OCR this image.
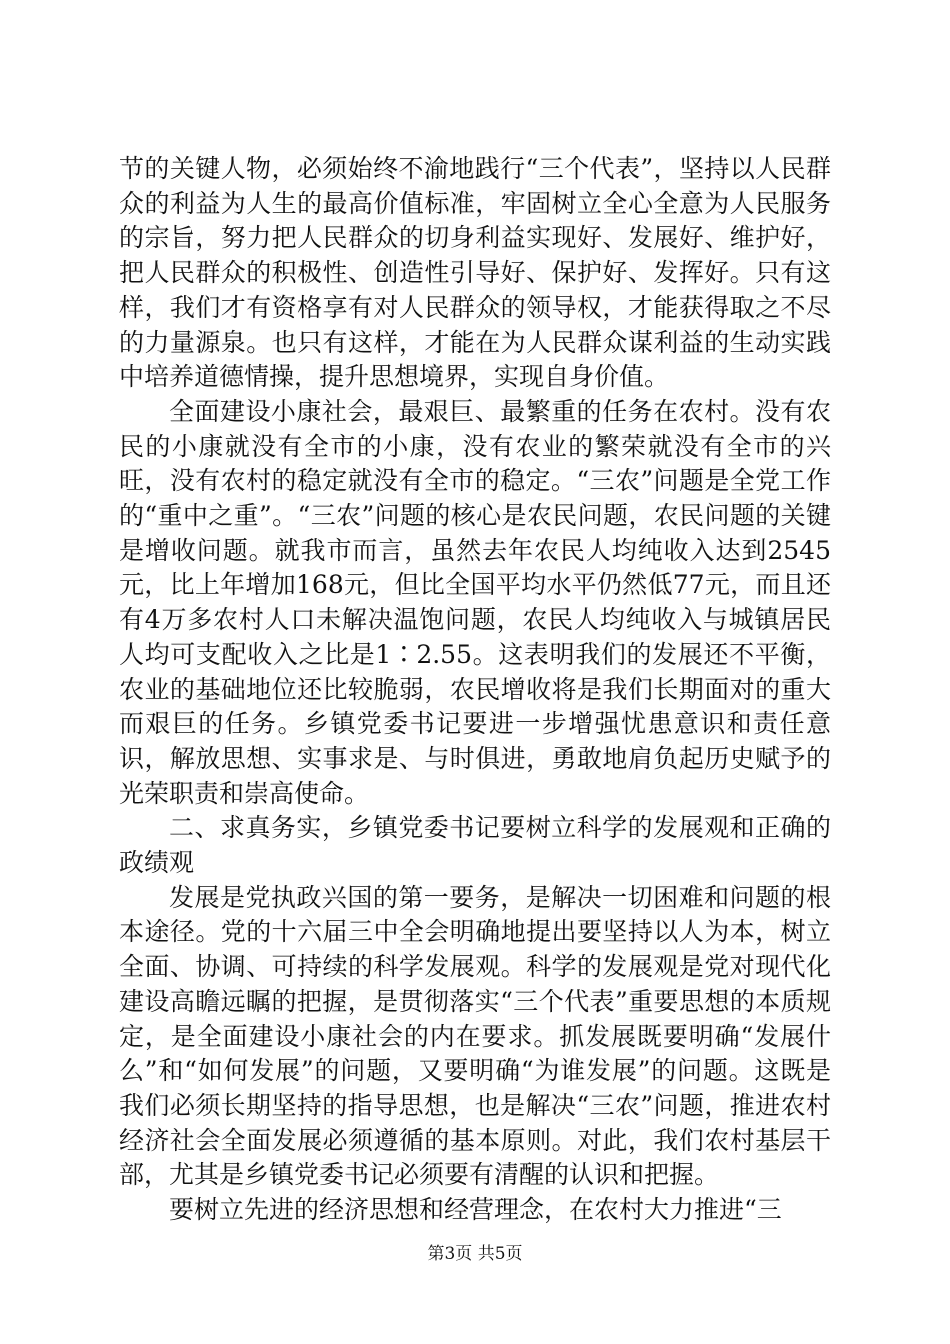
节的关键人物，必须始终不渝地践行“三个代表”，坚持以人民群众的利益为人生的最高价值标准，牢固树立全心全意为人民服务的宗旨，努力把人民群众的切身利益实现好、发展好、维护好，把人民群众的积极性、创造性引导好、保护好、发挥好。只有这样，我们才有资格享有对人民群众的领导权，才能获得取之不尽的力量源泉。也只有这样，才能在为人民群众谋利益的生动实践中培养道德情操，提升思想境界，实现自身价值。

全面建设小康社会，最艰巨、最繁重的任务在农村。没有农民的小康就没有全市的小康，没有农业的繁荣就没有全市的兴旺，没有农村的稳定就没有全市的稳定。“三农”问题是全党工作的“重中之重”。“三农”问题的核心是农民问题，农民问题的关键是增收问题。就我市而言，虽然去年农民人均纯收入达到2545元，比上年增加168元，但比全国平均水平仍然低77元，而且还有4万多农村人口未解决温饱问题，农民人均纯收入与城镇居民人均可支配收入之比是1∶2.55。这表明我们的发展还不平衡，农业的基础地位还比较脆弱，农民增收将是我们长期面对的重大而艰巨的任务。乡镇党委书记要进一步增强忧患意识和责任意识，解放思想、实事求是、与时俱进，勇敢地肩负起历史赋予的光荣职责和崇高使命。

二、求真务实，乡镇党委书记要树立科学的发展观和正确的政绩观

发展是党执政兴国的第一要务，是解决一切困难和问题的根本途径。党的十六届三中全会明确地提出要坚持以人为本，树立全面、协调、可持续的科学发展观。科学的发展观是党对现代化建设高瞻远瞩的把握，是贯彻落实“三个代表”重要思想的本质规定，是全面建设小康社会的内在要求。抓发展既要明确“发展什么”和“如何发展”的问题，又要明确“为谁发展”的问题。这既是我们必须长期坚持的指导思想，也是解决“三农”问题，推进农村经济社会全面发展必须遵循的基本原则。对此，我们农村基层干部，尤其是乡镇党委书记必须要有清醒的认识和把握。

要树立先进的经济思想和经营理念，在农村大力推进“三

第3页 共5页
